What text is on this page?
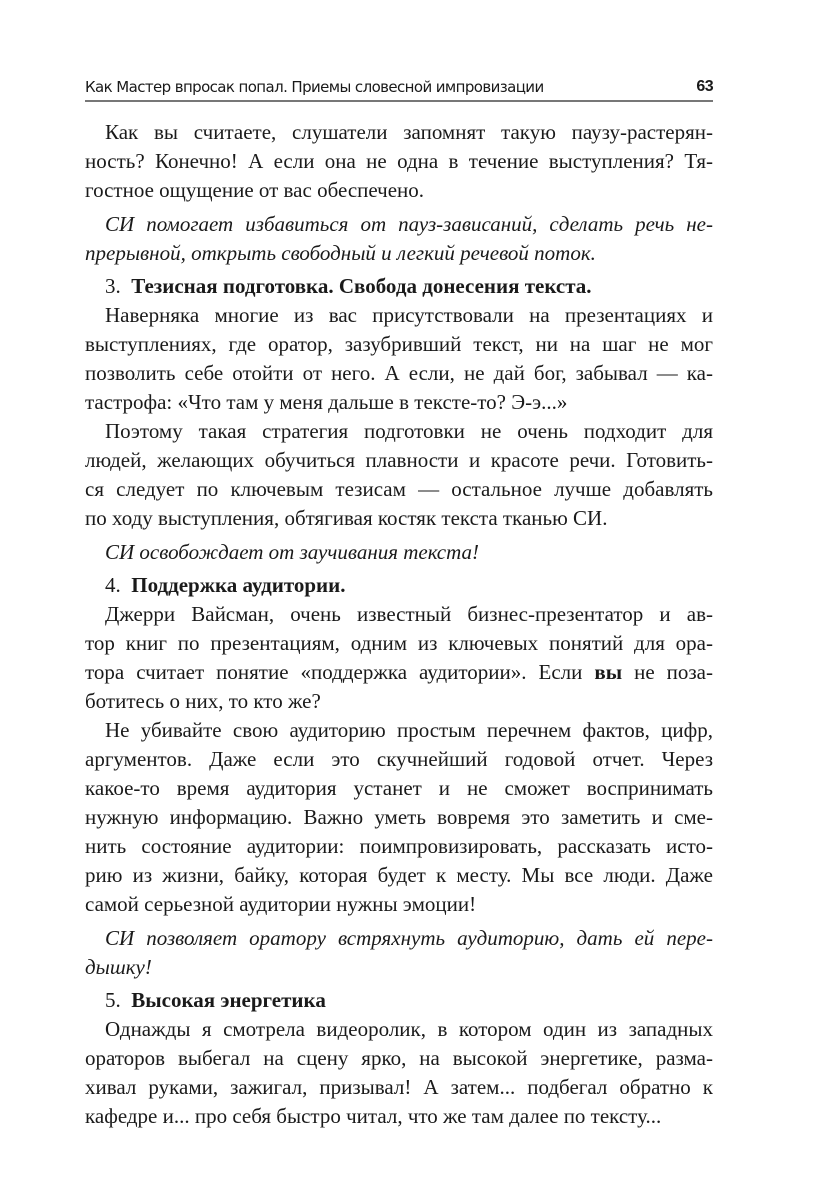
Как Мастер впросак попал. Приемы словесной импровизации	63
Как вы считаете, слушатели запомнят такую паузу-растерян-
ность? Конечно! А если она не одна в течение выступления? Тя-
гостное ощущение от вас обеспечено.
СИ помогает избавиться от пауз-зависаний, сделать речь не-
прерывной, открыть свободный и легкий речевой поток.
3. Тезисная подготовка. Свобода донесения текста.
Наверняка многие из вас присутствовали на презентациях и
выступлениях, где оратор, зазубривший текст, ни на шаг не мог
позволить себе отойти от него. А если, не дай бог, забывал — ка-
тастрофа: «Что там у меня дальше в тексте-то? Э-э...»
Поэтому такая стратегия подготовки не очень подходит для
людей, желающих обучиться плавности и красоте речи. Готовить-
ся следует по ключевым тезисам — остальное лучше добавлять
по ходу выступления, обтягивая костяк текста тканью СИ.
СИ освобождает от заучивания текста!
4. Поддержка аудитории.
Джерри Вайсман, очень известный бизнес-презентатор и ав-
тор книг по презентациям, одним из ключевых понятий для ора-
тора считает понятие «поддержка аудитории». Если вы не поза-
ботитесь о них, то кто же?
Не убивайте свою аудиторию простым перечнем фактов, цифр,
аргументов. Даже если это скучнейший годовой отчет. Через
какое-то время аудитория устанет и не сможет воспринимать
нужную информацию. Важно уметь вовремя это заметить и сме-
нить состояние аудитории: поимпровизировать, рассказать исто-
рию из жизни, байку, которая будет к месту. Мы все люди. Даже
самой серьезной аудитории нужны эмоции!
СИ позволяет оратору встряхнуть аудиторию, дать ей пере-
дышку!
5. Высокая энергетика
Однажды я смотрела видеоролик, в котором один из западных
ораторов выбегал на сцену ярко, на высокой энергетике, разма-
хивал руками, зажигал, призывал! А затем... подбегал обратно к
кафедре и... про себя быстро читал, что же там далее по тексту...
